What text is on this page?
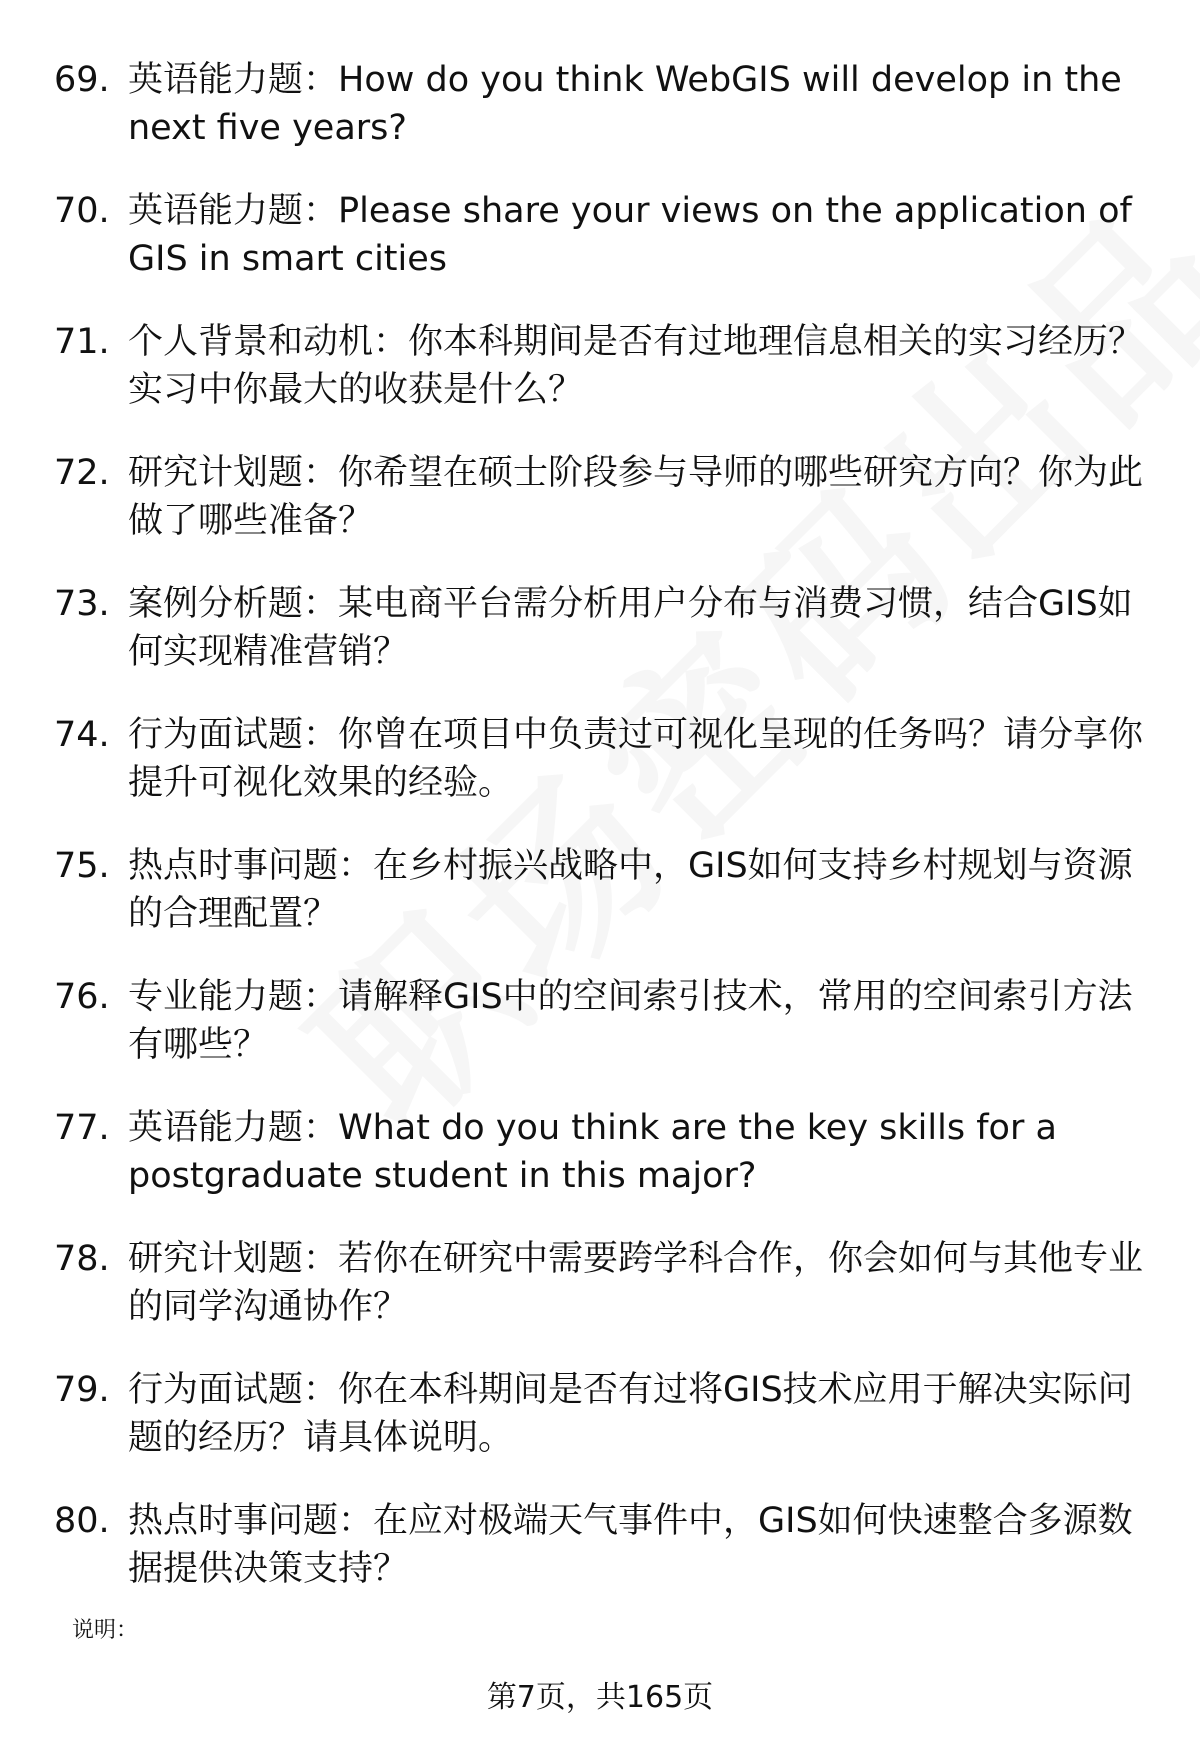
69. 英语能力题：How do you think WebGIS will develop in the next five years?
70. 英语能力题：Please share your views on the application of GIS in smart cities
71. 个人背景和动机：你本科期间是否有过地理信息相关的实习经历？实习中你最大的收获是什么？
72. 研究计划题：你希望在硕士阶段参与导师的哪些研究方向？你为此做了哪些准备？
73. 案例分析题：某电商平台需分析用户分布与消费习惯，结合GIS如何实现精准营销？
74. 行为面试题：你曾在项目中负责过可视化呈现的任务吗？请分享你提升可视化效果的经验。
75. 热点时事问题：在乡村振兴战略中，GIS如何支持乡村规划与资源的合理配置？
76. 专业能力题：请解释GIS中的空间索引技术，常用的空间索引方法有哪些？
77. 英语能力题：What do you think are the key skills for a postgraduate student in this major?
78. 研究计划题：若你在研究中需要跨学科合作，你会如何与其他专业的同学沟通协作？
79. 行为面试题：你在本科期间是否有过将GIS技术应用于解决实际问题的经历？请具体说明。
80. 热点时事问题：在应对极端天气事件中，GIS如何快速整合多源数据提供决策支持？
说明：
第7页，共165页
